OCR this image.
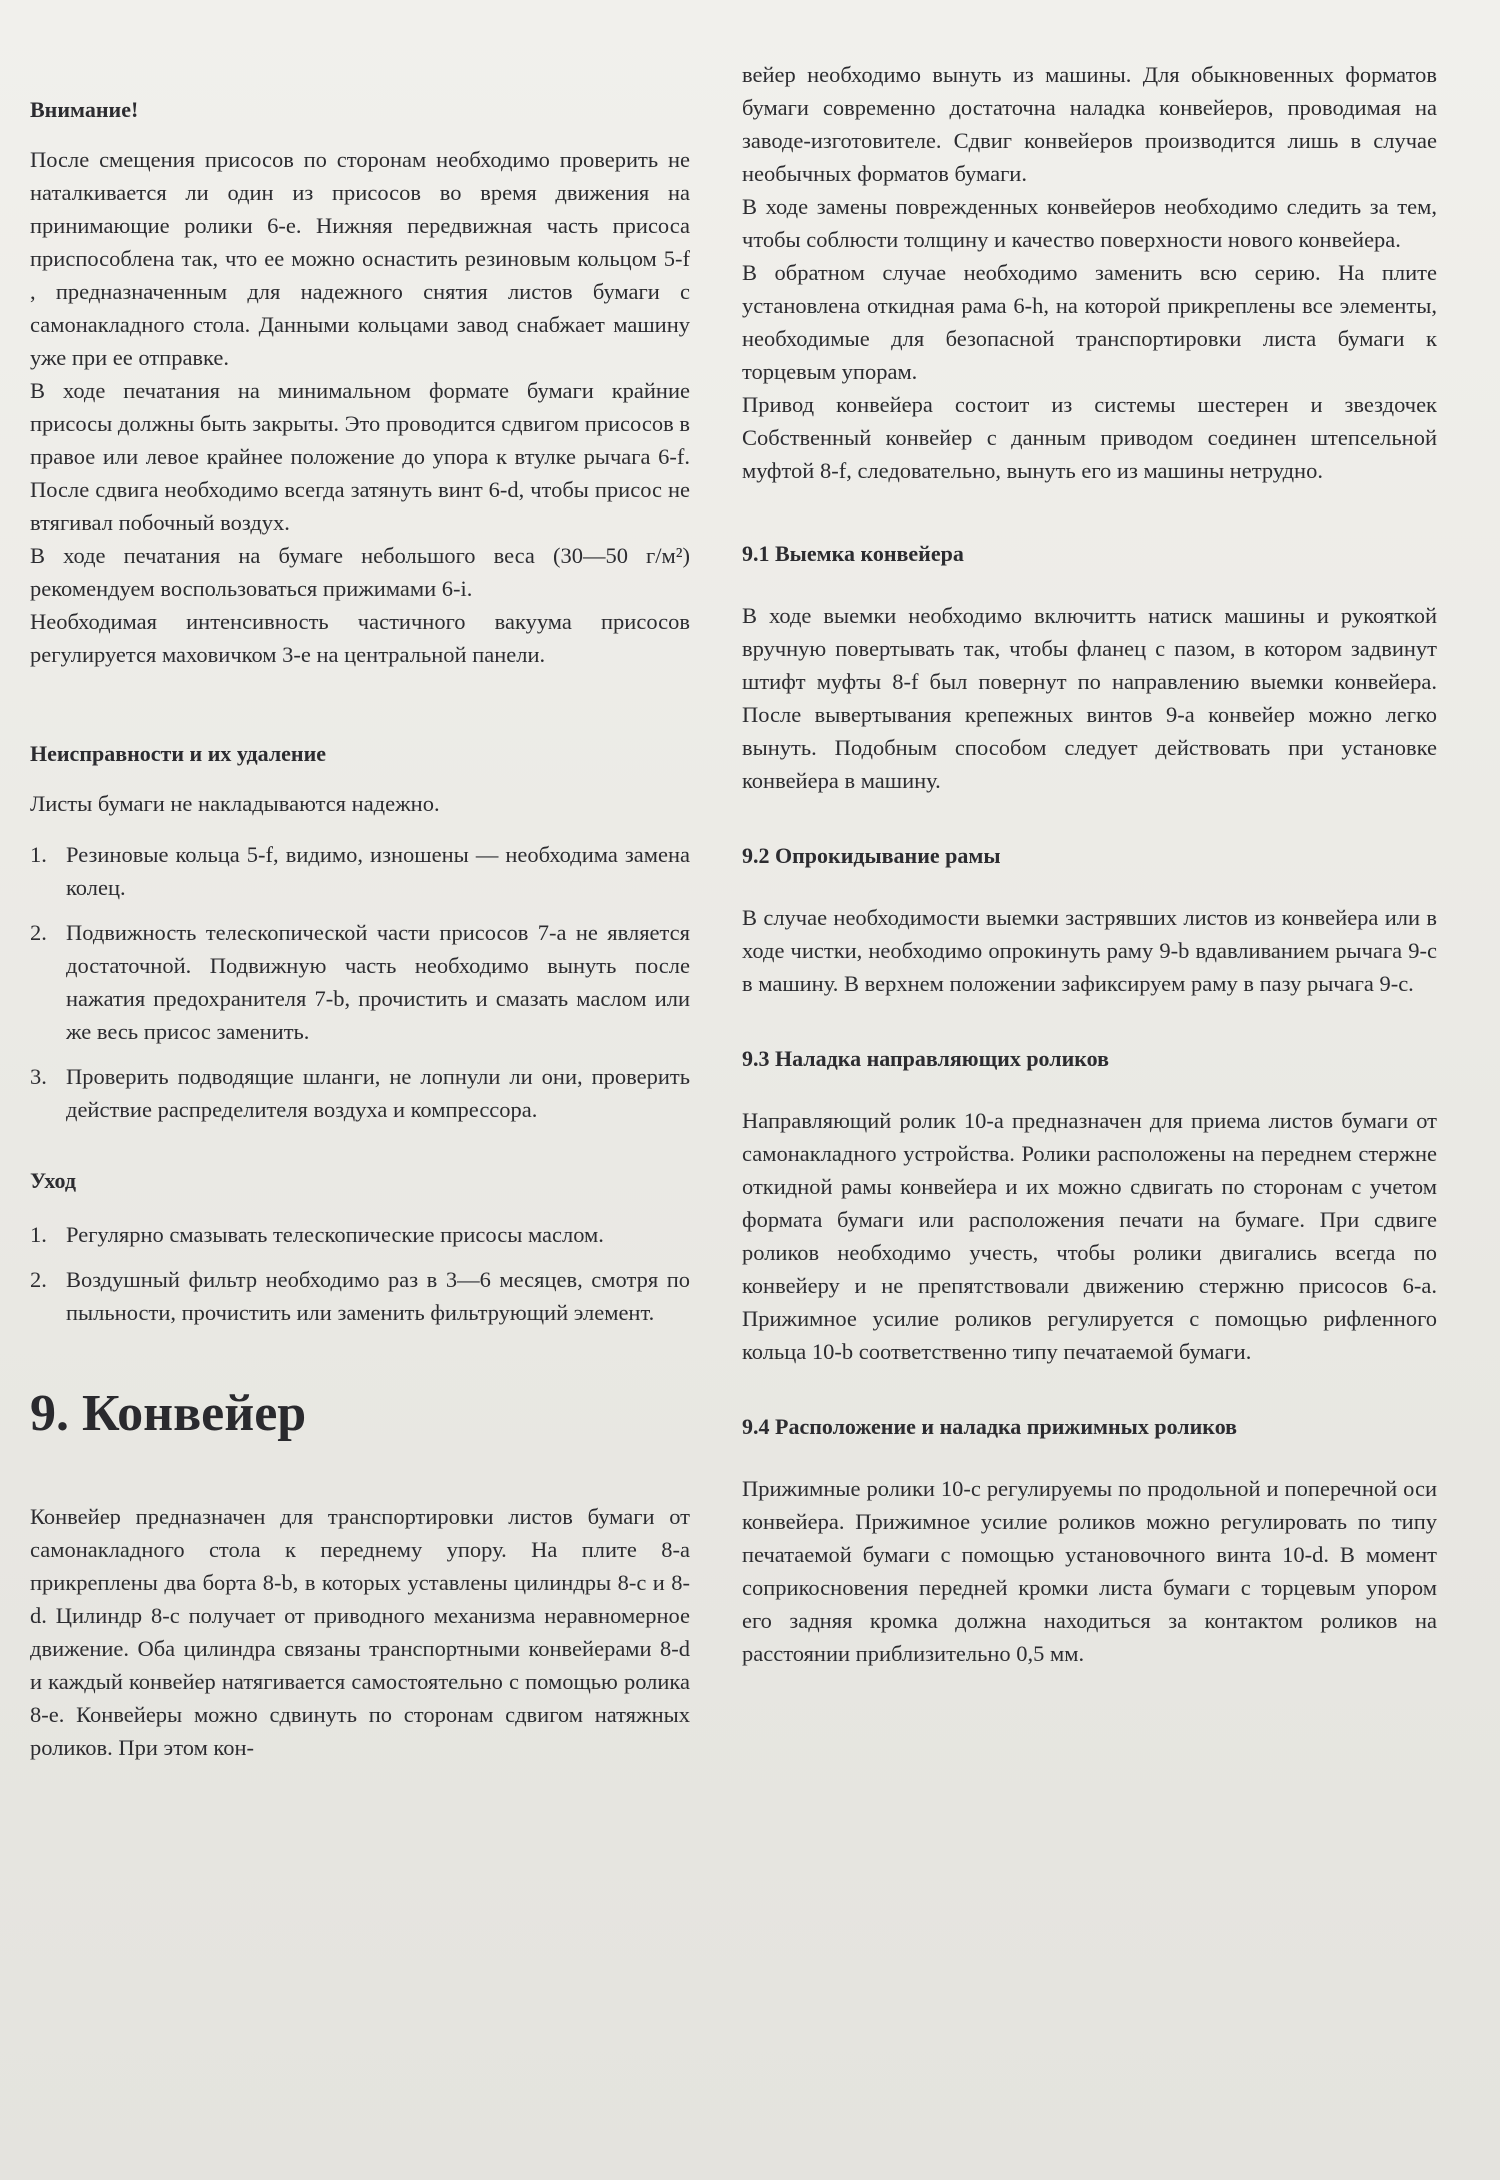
Внимание!

После смещения присосов по сторонам необходимо проверить не наталкивается ли один из присосов во время движения на принимающие ролики 6-е. Нижняя передвижная часть присоса приспособлена так, что ее можно оснастить резиновым кольцом 5-f , предназначенным для надежного снятия листов бумаги с самонакладного стола. Данными кольцами завод снабжает машину уже при ее отправке.

В ходе печатания на минимальном формате бумаги крайние присосы должны быть закрыты. Это проводится сдвигом присосов в правое или левое крайнее положение до упора к втулке рычага 6-f. После сдвига необходимо всегда затянуть винт 6-d, чтобы присос не втягивал побочный воздух.

В ходе печатания на бумаге небольшого веса (30—50 г/м²) рекомендуем воспользоваться прижимами 6-i.

Необходимая интенсивность частичного вакуума присосов регулируется маховичком 3-е на центральной панели.

Неисправности и их удаление

Листы бумаги не накладываются надежно.

1. Резиновые кольца 5-f, видимо, изношены — необходима замена колец.
2. Подвижность телескопической части присосов 7-а не является достаточной. Подвижную часть необходимо вынуть после нажатия предохранителя 7-b, прочистить и смазать маслом или же весь присос заменить.
3. Проверить подводящие шланги, не лопнули ли они, проверить действие распределителя воздуха и компрессора.
Уход
1. Регулярно смазывать телескопические присосы маслом.
2. Воздушный фильтр необходимо раз в 3—6 месяцев, смотря по пыльности, прочистить или заменить фильтрующий элемент.
9. Конвейер

Конвейер предназначен для транспортировки листов бумаги от самонакладного стола к переднему упору. На плите 8-а прикреплены два борта 8-b, в которых уставлены цилиндры 8-с и 8-d. Цилиндр 8-с получает от приводного механизма неравномерное движение. Оба цилиндра связаны транспортными конвейерами 8-d и каждый конвейер натягивается самостоятельно с помощью ролика 8-е. Конвейеры можно сдвинуть по сторонам сдвигом натяжных роликов. При этом кон-

вейер необходимо вынуть из машины. Для обыкновенных форматов бумаги современно достаточна наладка конвейеров, проводимая на заводе-изготовителе. Сдвиг конвейеров производится лишь в случае необычных форматов бумаги.

В ходе замены поврежденных конвейеров необходимо следить за тем, чтобы соблюсти толщину и качество поверхности нового конвейера.

В обратном случае необходимо заменить всю серию. На плите установлена откидная рама 6-h, на которой прикреплены все элементы, необходимые для безопасной транспортировки листа бумаги к торцевым упорам.

Привод конвейера состоит из системы шестерен и звездочек Собственный конвейер с данным приводом соединен штепсельной муфтой 8-f, следовательно, вынуть его из машины нетрудно.

9.1 Выемка конвейера

В ходе выемки необходимо включитть натиск машины и рукояткой вручную повертывать так, чтобы фланец с пазом, в котором задвинут штифт муфты 8-f был повернут по направлению выемки конвейера. После вывертывания крепежных винтов 9-а конвейер можно легко вынуть. Подобным способом следует действовать при установке конвейера в машину.

9.2 Опрокидывание рамы

В случае необходимости выемки застрявших листов из конвейера или в ходе чистки, необходимо опрокинуть раму 9-b вдавливанием рычага 9-с в машину. В верхнем положении зафиксируем раму в пазу рычага 9-с.

9.3 Наладка направляющих роликов

Направляющий ролик 10-а предназначен для приема листов бумаги от самонакладного устройства. Ролики расположены на переднем стержне откидной рамы конвейера и их можно сдвигать по сторонам с учетом формата бумаги или расположения печати на бумаге. При сдвиге роликов необходимо учесть, чтобы ролики двигались всегда по конвейеру и не препятствовали движению стержню присосов 6-а. Прижимное усилие роликов регулируется с помощью рифленного кольца 10-b соответственно типу печатаемой бумаги.

9.4 Расположение и наладка прижимных роликов

Прижимные ролики 10-с регулируемы по продольной и поперечной оси конвейера. Прижимное усилие роликов можно регулировать по типу печатаемой бумаги с помощью установочного винта 10-d. В момент соприкосновения передней кромки листа бумаги с торцевым упором его задняя кромка должна находиться за контактом роликов на расстоянии приблизительно 0,5 мм.
